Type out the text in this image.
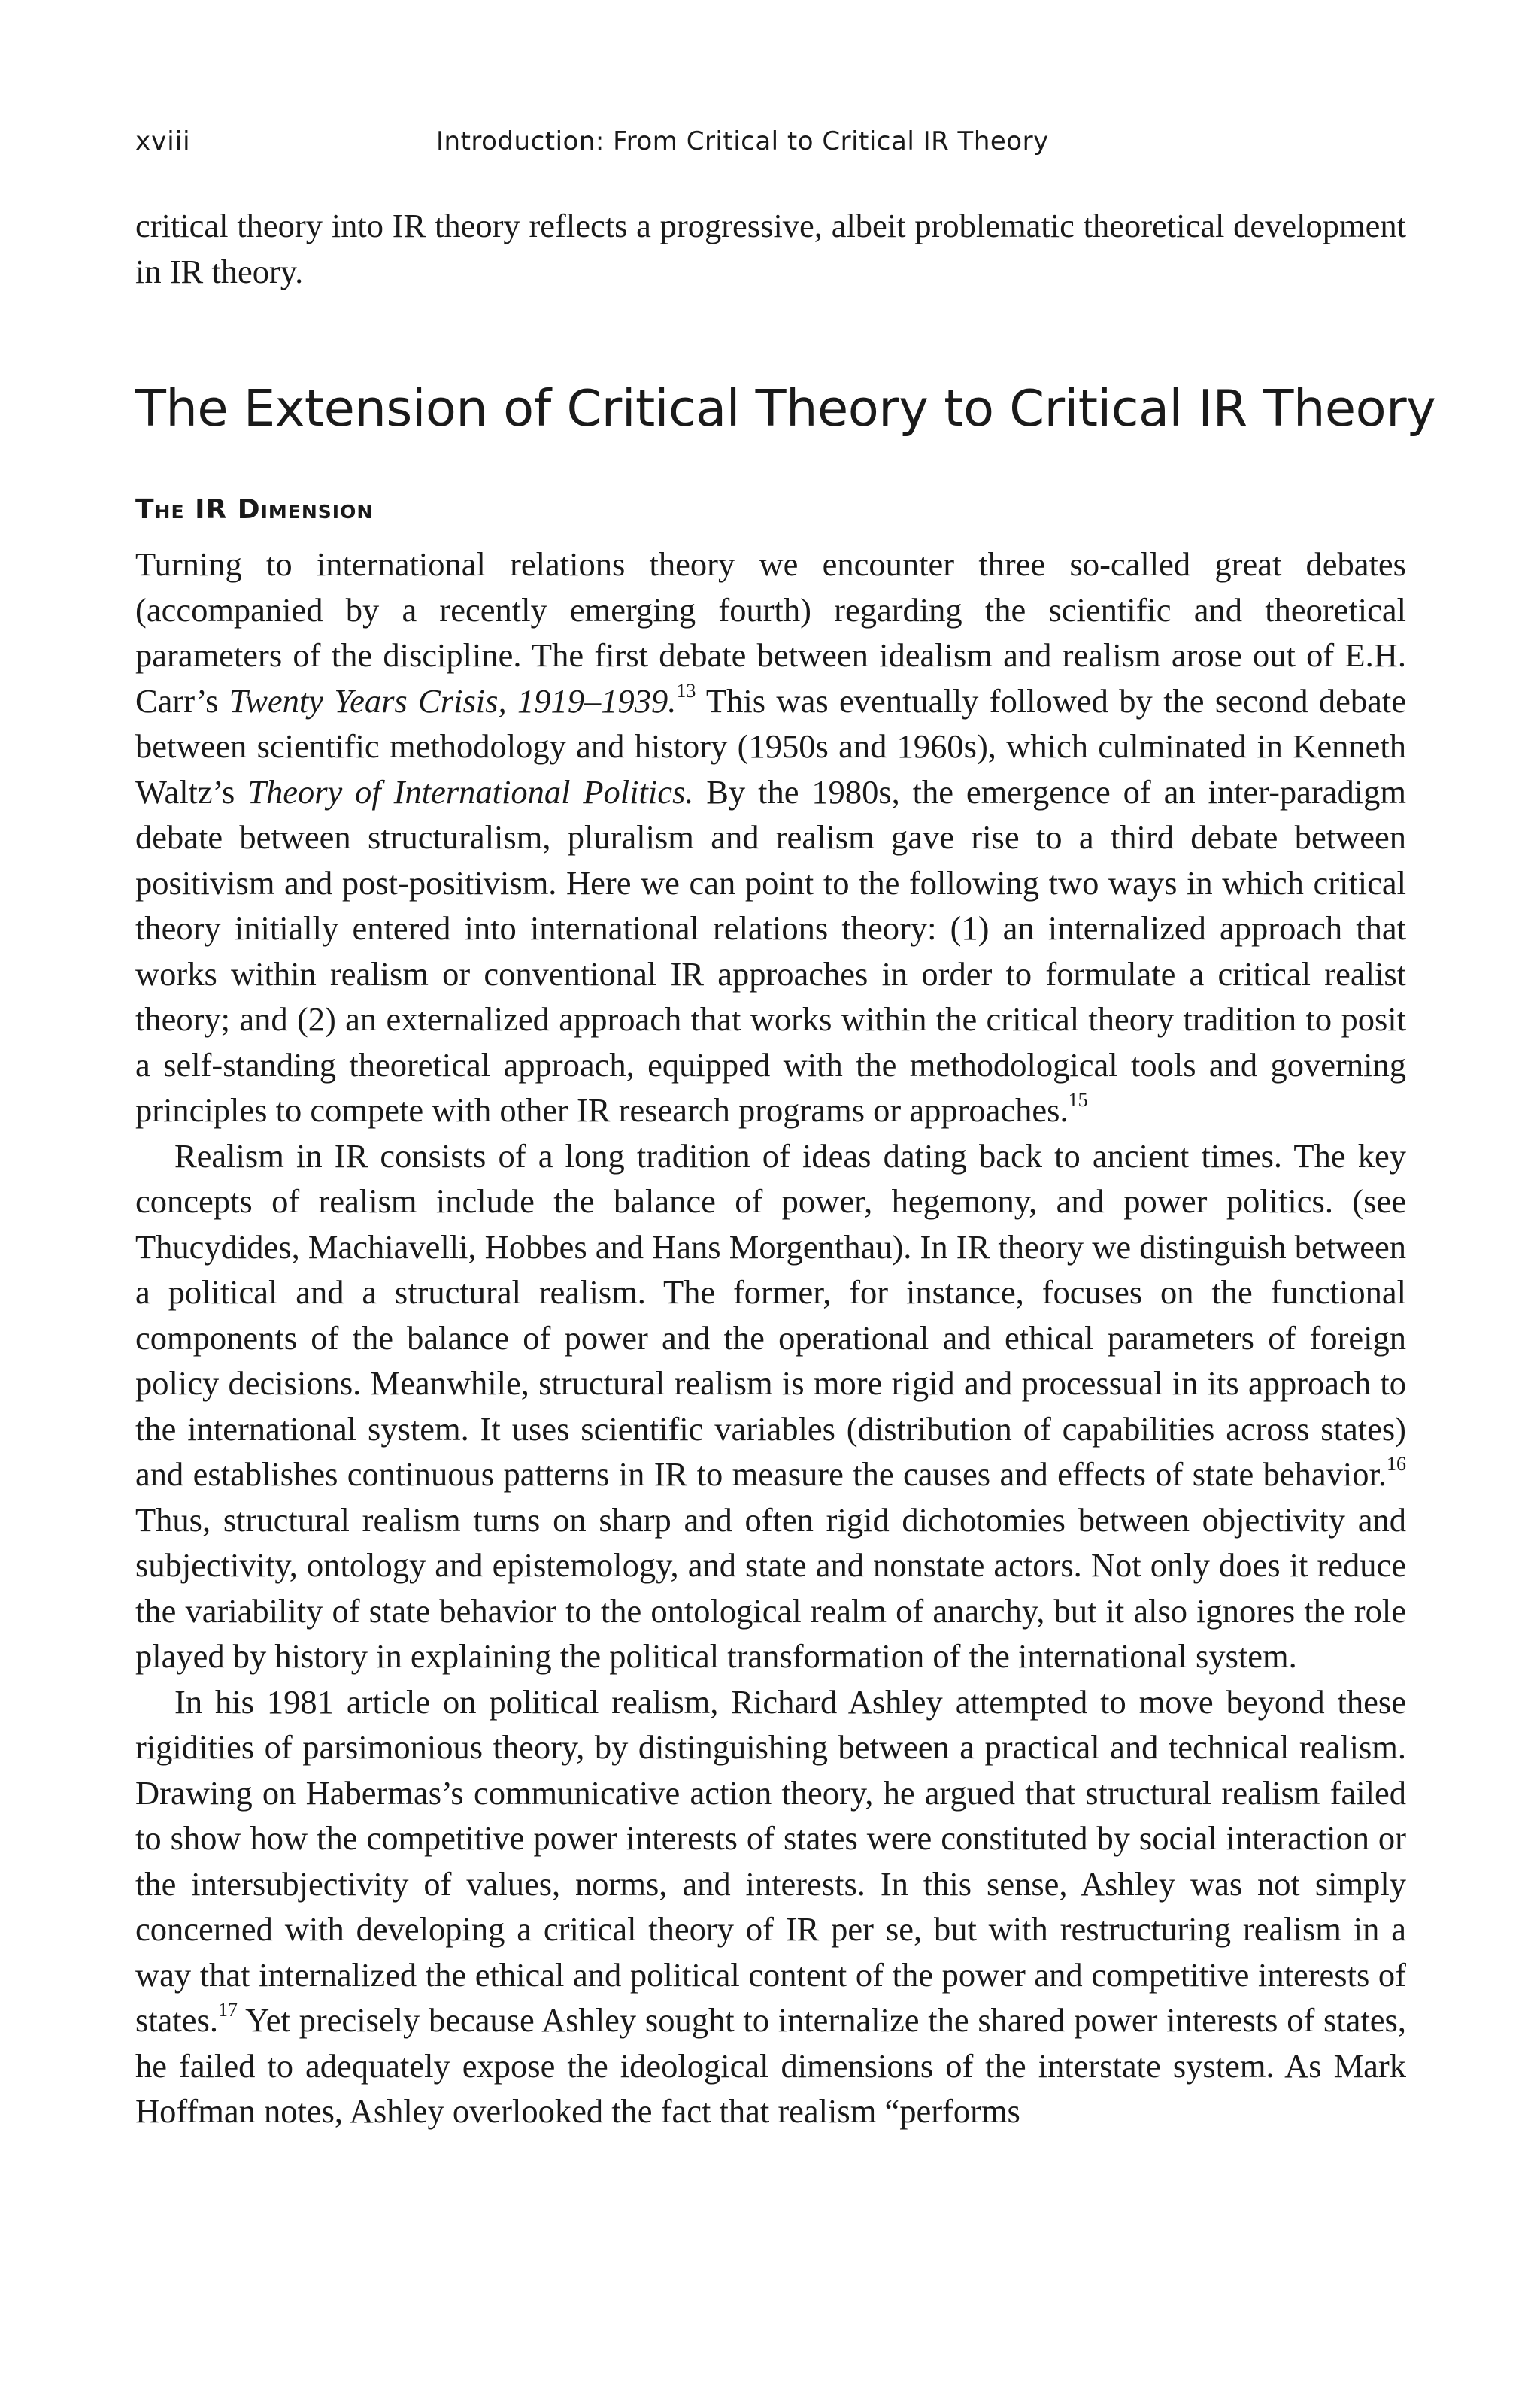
xviii	Introduction: From Critical to Critical IR Theory

critical theory into IR theory reflects a progressive, albeit problematic theoretical development in IR theory.

The Extension of Critical Theory to Critical IR Theory
The IR Dimension

Turning to international relations theory we encounter three so-called great debates (accompanied by a recently emerging fourth) regarding the scientific and theoretical parameters of the discipline. The first debate between idealism and realism arose out of E.H. Carr’s Twenty Years Crisis, 1919–1939.13 This was eventually followed by the second debate between scientific methodology and history (1950s and 1960s), which culminated in Kenneth Waltz’s Theory of International Politics. By the 1980s, the emergence of an inter-paradigm debate between structuralism, pluralism and realism gave rise to a third debate between positivism and post-positivism. Here we can point to the following two ways in which critical theory initially entered into international relations theory: (1) an internalized approach that works within realism or conventional IR approaches in order to formulate a critical realist theory; and (2) an externalized approach that works within the critical theory tradition to posit a self-standing theoretical approach, equipped with the methodological tools and governing principles to compete with other IR research programs or approaches.$^{15}$

Realism in IR consists of a long tradition of ideas dating back to ancient times. The key concepts of realism include the balance of power, hegemony, and power politics. (see Thucydides, Machiavelli, Hobbes and Hans Morgenthau). In IR theory we distinguish between a political and a structural realism. The former, for instance, focuses on the functional components of the balance of power and the operational and ethical parameters of foreign policy decisions. Meanwhile, structural realism is more rigid and processual in its approach to the international system. It uses scientific variables (distribution of capabilities across states) and establishes continuous patterns in IR to measure the causes and effects of state behavior.$^{16}$ Thus, structural realism turns on sharp and often rigid dichotomies between objectivity and subjectivity, ontology and epistemology, and state and nonstate actors. Not only does it reduce the variability of state behavior to the ontological realm of anarchy, but it also ignores the role played by history in explaining the political transformation of the international system.

In his 1981 article on political realism, Richard Ashley attempted to move beyond these rigidities of parsimonious theory, by distinguishing between a practical and technical realism. Drawing on Habermas’s communicative action theory, he argued that structural realism failed to show how the competitive power interests of states were constituted by social interaction or the intersubjectivity of values, norms, and interests. In this sense, Ashley was not simply concerned with developing a critical theory of IR per se, but with restructuring realism in a way that internalized the ethical and political content of the power and competitive interests of states.$^{17}$ Yet precisely because Ashley sought to internalize the shared power interests of states, he failed to adequately expose the ideological dimensions of the interstate system. As Mark Hoffman notes, Ashley overlooked the fact that realism “performs
